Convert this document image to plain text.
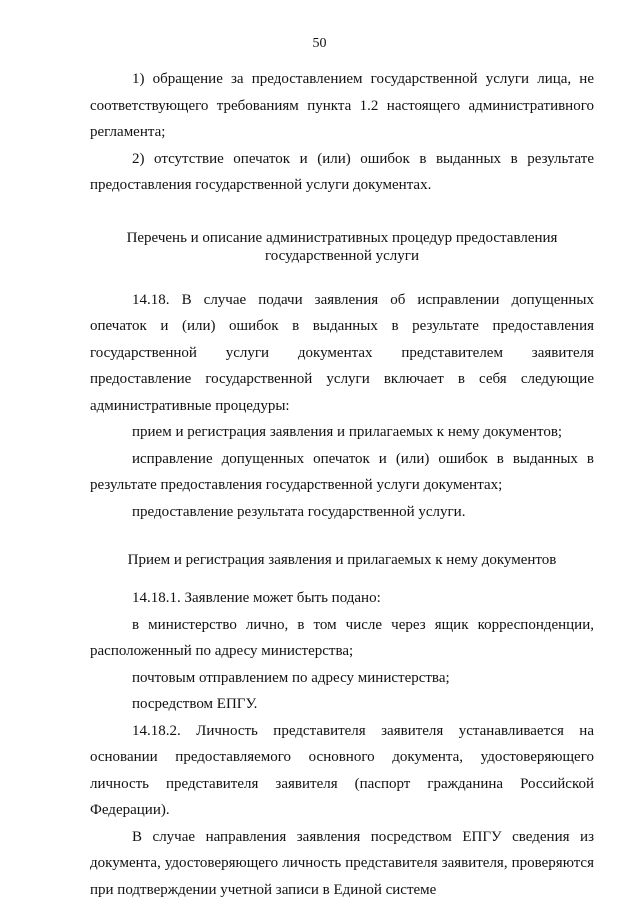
50

1) обращение за предоставлением государственной услуги лица, не соответствующего требованиям пункта 1.2 настоящего административного регламента;

2) отсутствие опечаток и (или) ошибок в выданных в результате предоставления государственной услуги документах.

Перечень и описание административных процедур предоставления
государственной услуги

14.18. В случае подачи заявления об исправлении допущенных опечаток и (или) ошибок в выданных в результате предоставления государственной услуги документах представителем заявителя предоставление государственной услуги включает в себя следующие административные процедуры:

прием и регистрация заявления и прилагаемых к нему документов;

исправление допущенных опечаток и (или) ошибок в выданных в результате предоставления государственной услуги документах;

предоставление результата государственной услуги.

Прием и регистрация заявления и прилагаемых к нему документов

14.18.1. Заявление может быть подано:

в министерство лично, в том числе через ящик корреспонденции, расположенный по адресу министерства;

почтовым отправлением по адресу министерства;

посредством ЕПГУ.

14.18.2. Личность представителя заявителя устанавливается на основании предоставляемого основного документа, удостоверяющего личность представителя заявителя (паспорт гражданина Российской Федерации).

В случае направления заявления посредством ЕПГУ сведения из документа, удостоверяющего личность представителя заявителя, проверяются при подтверждении учетной записи в Единой системе
